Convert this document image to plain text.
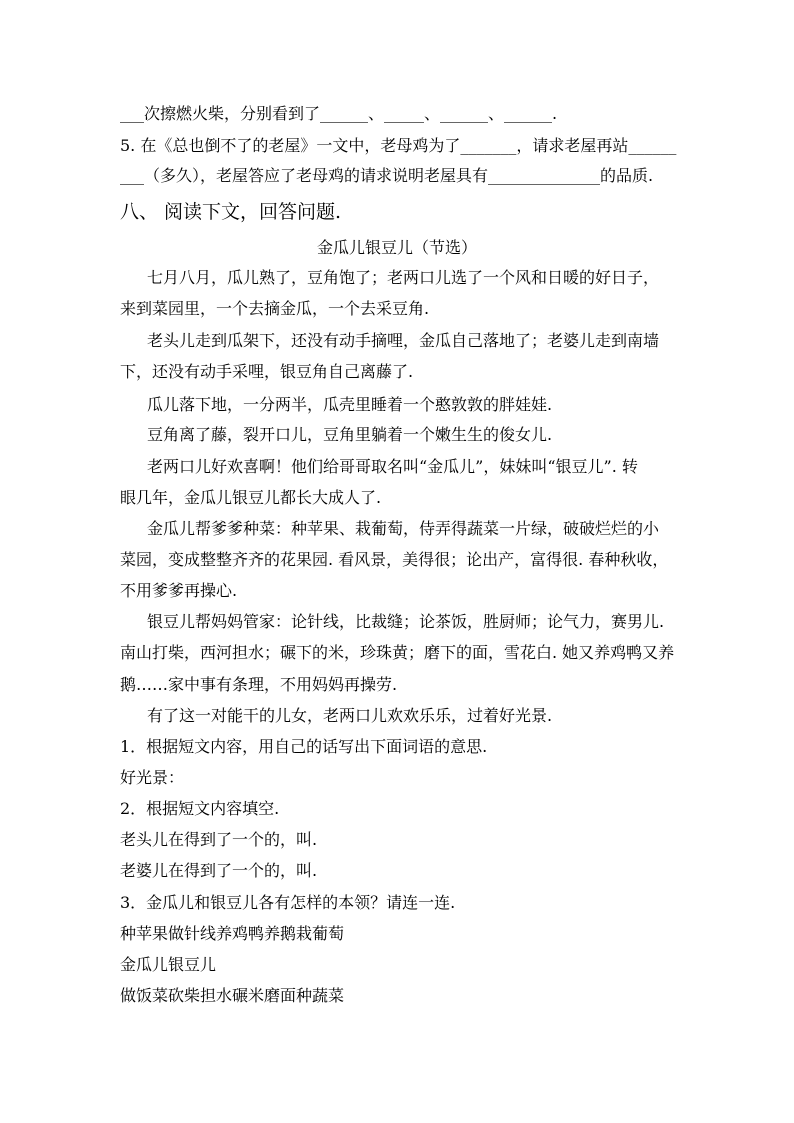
___次擦燃火柴，分别看到了______、_____、______、______.
5. 在《总也倒不了的老屋》一文中，老母鸡为了_______，请求老屋再站______
___（多久），老屋答应了老母鸡的请求说明老屋具有______________的品质.
八、 阅读下文，回答问题.
金瓜儿银豆儿（节选）
七月八月，瓜儿熟了，豆角饱了；老两口儿选了一个风和日暖的好日子，
来到菜园里，一个去摘金瓜，一个去采豆角.
老头儿走到瓜架下，还没有动手摘哩，金瓜自己落地了；老婆儿走到南墙
下，还没有动手采哩，银豆角自己离藤了.
瓜儿落下地，一分两半，瓜壳里睡着一个憨敦敦的胖娃娃.
豆角离了藤，裂开口儿，豆角里躺着一个嫩生生的俊女儿.
老两口儿好欢喜啊！他们给哥哥取名叫“金瓜儿”，妹妹叫“银豆儿”. 转
眼几年，金瓜儿银豆儿都长大成人了.
金瓜儿帮爹爹种菜：种苹果、栽葡萄，侍弄得蔬菜一片绿，破破烂烂的小
菜园，变成整整齐齐的花果园. 看风景，美得很；论出产，富得很. 春种秋收，
不用爹爹再操心.
银豆儿帮妈妈管家：论针线，比裁缝；论茶饭，胜厨师；论气力，赛男儿.
南山打柴，西河担水；碾下的米，珍珠黄；磨下的面，雪花白. 她又养鸡鸭又养
鹅……家中事有条理，不用妈妈再操劳.
有了这一对能干的儿女，老两口儿欢欢乐乐，过着好光景.
1．根据短文内容，用自己的话写出下面词语的意思.
好光景：
2．根据短文内容填空.
老头儿在得到了一个的，叫.
老婆儿在得到了一个的，叫.
3．金瓜儿和银豆儿各有怎样的本领？请连一连.
种苹果做针线养鸡鸭养鹅栽葡萄
金瓜儿银豆儿
做饭菜砍柴担水碾米磨面种蔬菜
